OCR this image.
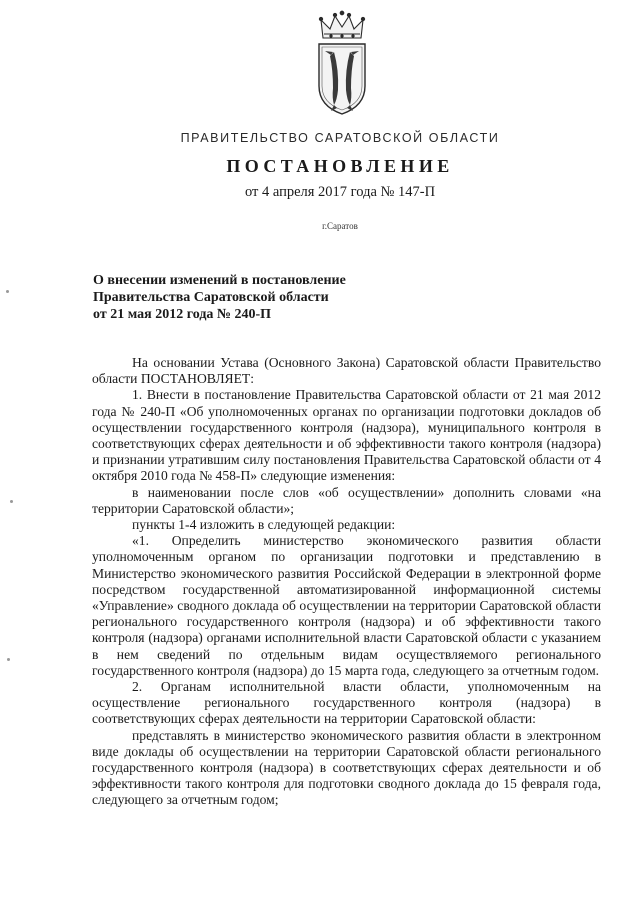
ПРАВИТЕЛЬСТВО САРАТОВСКОЙ ОБЛАСТИ
ПОСТАНОВЛЕНИЕ
от 4 апреля 2017 года № 147-П
г.Саратов
О внесении изменений в постановление
Правительства Саратовской области
от 21 мая 2012 года № 240-П

На основании Устава (Основного Закона) Саратовской области Правительство области ПОСТАНОВЛЯЕТ:

1. Внести в постановление Правительства Саратовской области от 21 мая 2012 года № 240-П «Об уполномоченных органах по организации подготовки докладов об осуществлении государственного контроля (надзора), муниципального контроля в соответствующих сферах деятельности и об эффективности такого контроля (надзора) и признании утратившим силу постановления Правительства Саратовской области от 4 октября 2010 года № 458-П» следующие изменения:

в наименовании после слов «об осуществлении» дополнить словами «на территории Саратовской области»;

пункты 1-4 изложить в следующей редакции:

«1. Определить министерство экономического развития области уполномоченным органом по организации подготовки и представлению в Министерство экономического развития Российской Федерации в электронной форме посредством государственной автоматизированной информационной системы «Управление» сводного доклада об осуществлении на территории Саратовской области регионального государственного контроля (надзора) и об эффективности такого контроля (надзора) органами исполнительной власти Саратовской области с указанием в нем сведений по отдельным видам осуществляемого регионального государственного контроля (надзора) до 15 марта года, следующего за отчетным годом.

2. Органам исполнительной власти области, уполномоченным на осуществление регионального государственного контроля (надзора) в соответствующих сферах деятельности на территории Саратовской области:

представлять в министерство экономического развития области в электронном виде доклады об осуществлении на территории Саратовской области регионального государственного контроля (надзора) в соответствующих сферах деятельности и об эффективности такого контроля для подготовки сводного доклада до 15 февраля года, следующего за отчетным годом;
